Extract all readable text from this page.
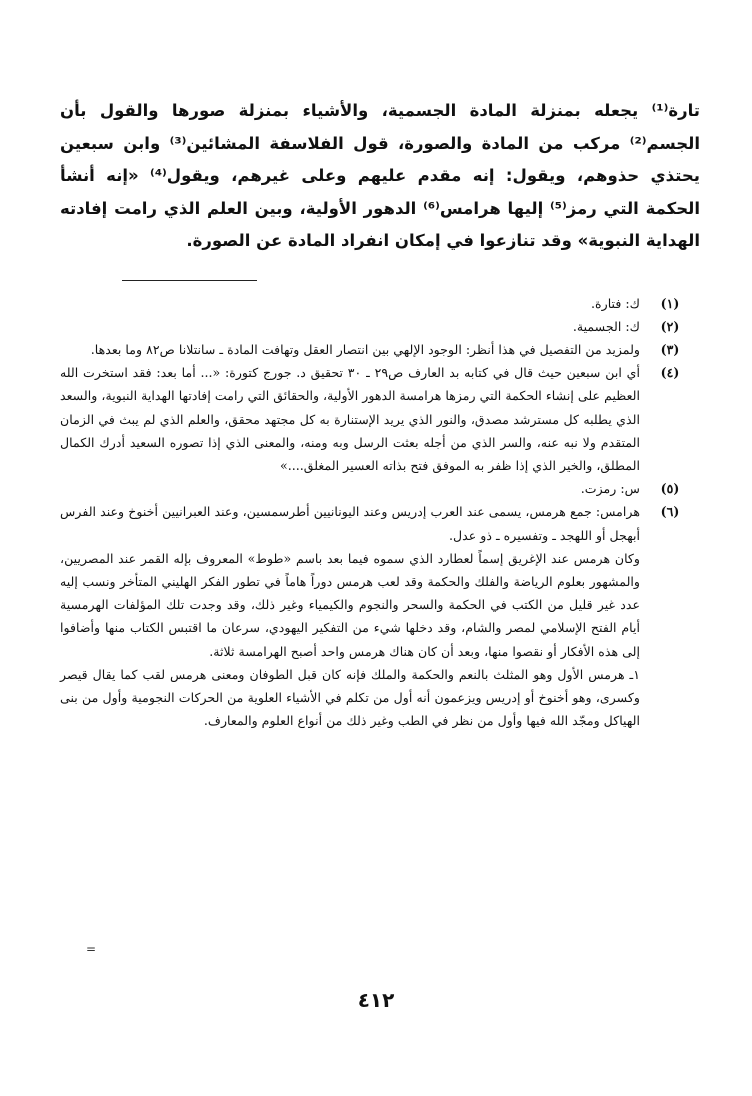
تارة⁽¹⁾ يجعله بمنزلة المادة الجسمية، والأشياء بمنزلة صورها والقول بأن الجسم⁽²⁾ مركب من المادة والصورة، قول الفلاسفة المشائين⁽³⁾ وابن سبعين يحتذي حذوهم، ويقول: إنه مقدم عليهم وعلى غيرهم، ويقول⁽⁴⁾ «إنه أنشأ الحكمة التي رمز⁽⁵⁾ إليها هرامس⁽⁶⁾ الدهور الأولية، وبين العلم الذي رامت إفادته الهداية النبوية» وقد تنازعوا في إمكان انفراد المادة عن الصورة.

(١)

ك: فتارة.

(٢)

ك: الجسمية.

(٣)

ولمزيد من التفصيل في هذا أنظر: الوجود الإلهي بين انتصار العقل وتهافت المادة ـ سانتلانا ص٨٢ وما بعدها.

(٤)

أي ابن سبعين حيث قال في كتابه بد العارف ص٢٩ ـ ٣٠ تحقيق د. جورج كتورة: «... أما بعد: فقد استخرت الله العظيم على إنشاء الحكمة التي رمزها هرامسة الدهور الأولية، والحقائق التي رامت إفادتها الهداية النبوية، والسعد الذي يطلبه كل مسترشد مصدق، والنور الذي يريد الإستنارة به كل مجتهد محقق، والعلم الذي لم يبث في الزمان المتقدم ولا نبه عنه، والسر الذي من أجله بعثت الرسل وبه ومنه، والمعنى الذي إذا تصوره السعيد أدرك الكمال المطلق، والخير الذي إذا ظفر به الموفق فتح بذاته العسير المغلق....»

(٥)

س: رمزت.

(٦)

هرامس: جمع هرمس، يسمى عند العرب إدريس وعند اليونانيين أطرسمسين، وعند العبرانيين أخنوخ وعند الفرس أبهجل أو اللهجد ـ وتفسيره ـ ذو عدل.

وكان هرمس عند الإغريق إسماً لعطارد الذي سموه فيما بعد باسم «طوط» المعروف بإله القمر عند المصريين، والمشهور بعلوم الرياضة والفلك والحكمة وقد لعب هرمس دوراً هاماً في تطور الفكر الهليني المتأخر ونسب إليه عدد غير قليل من الكتب في الحكمة والسحر والنجوم والكيمياء وغير ذلك، وقد وجدت تلك المؤلفات الهرمسية أيام الفتح الإسلامي لمصر والشام، وقد دخلها شيء من التفكير اليهودي، سرعان ما اقتبس الكتاب منها وأضافوا إلى هذه الأفكار أو نقصوا منها، وبعد أن كان هناك هرمس واحد أصبح الهرامسة ثلاثة.

١ـ هرمس الأول وهو المثلث بالنعم والحكمة والملك فإنه كان قبل الطوفان ومعنى هرمس لقب كما يقال قيصر وكسرى، وهو أخنوخ أو إدريس ويزعمون أنه أول من تكلم في الأشياء العلوية من الحركات النجومية وأول من بنى الهياكل ومجّد الله فيها وأول من نظر في الطب وغير ذلك من أنواع العلوم والمعارف.

=
٤١٢
